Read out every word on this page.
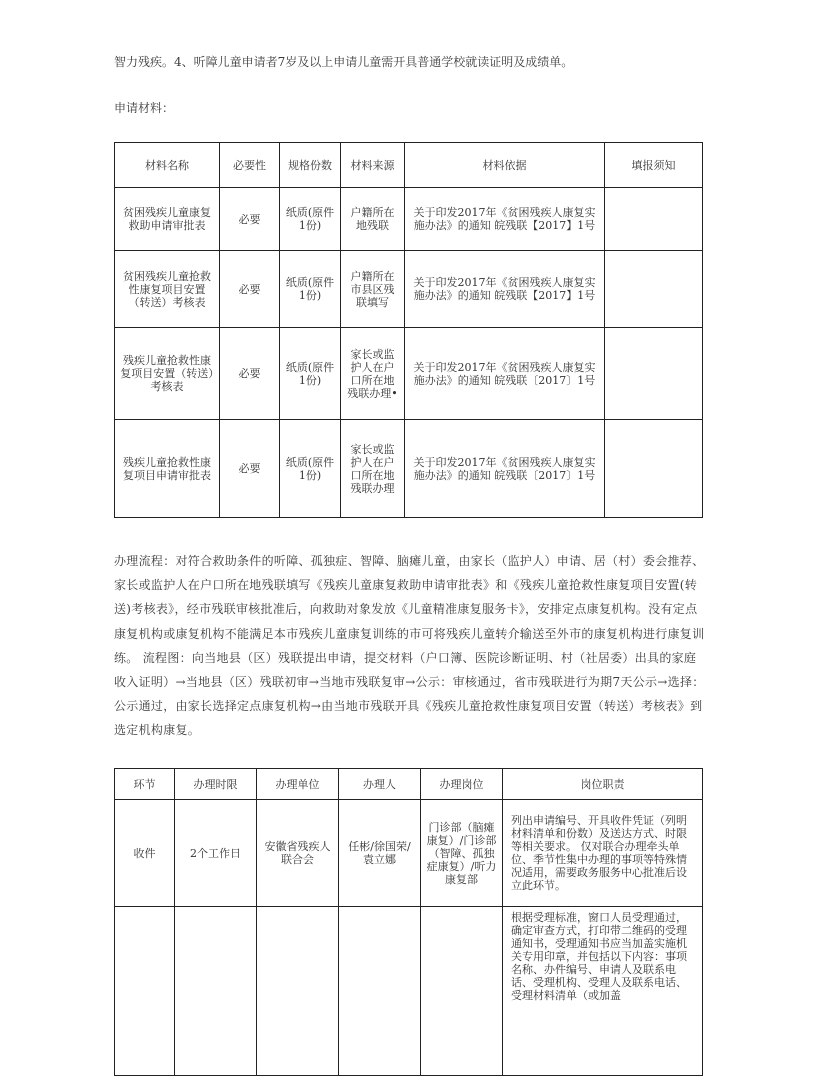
智力残疾。4、听障儿童申请者7岁及以上申请儿童需开具普通学校就读证明及成绩单。

申请材料：

材料名称	必要性	规格份数	材料来源	材料依据	填报须知
贫困残疾儿童康复救助申请审批表	必要	纸质(原件1份)	户籍所在地残联	关于印发2017年《贫困残疾人康复实施办法》的通知 皖残联【2017】1号	
贫困残疾儿童抢救性康复项目安置（转送）考核表	必要	纸质(原件1份)	户籍所在市县区残联填写	关于印发2017年《贫困残疾人康复实施办法》的通知 皖残联【2017】1号	
残疾儿童抢救性康复项目安置（转送）考核表	必要	纸质(原件1份)	家长或监护人在户口所在地残联办理•	关于印发2017年《贫困残疾人康复实施办法》的通知 皖残联〔2017〕1号	
残疾儿童抢救性康复项目申请审批表	必要	纸质(原件1份)	家长或监护人在户口所在地残联办理	关于印发2017年《贫困残疾人康复实施办法》的通知 皖残联〔2017〕1号	

办理流程：对符合救助条件的听障、孤独症、智障、脑瘫儿童，由家长（监护人）申请、居（村）委会推荐、家长或监护人在户口所在地残联填写《残疾儿童康复救助申请审批表》和《残疾儿童抢救性康复项目安置(转送)考核表》，经市残联审核批准后，向救助对象发放《儿童精准康复服务卡》，安排定点康复机构。没有定点康复机构或康复机构不能满足本市残疾儿童康复训练的市可将残疾儿童转介输送至外市的康复机构进行康复训练。 流程图：向当地县（区）残联提出申请，提交材料（户口簿、医院诊断证明、村（社居委）出具的家庭收入证明）→当地县（区）残联初审→当地市残联复审→公示：审核通过，省市残联进行为期7天公示→选择：公示通过，由家长选择定点康复机构→由当地市残联开具《残疾儿童抢救性康复项目安置（转送）考核表》到选定机构康复。

环节	办理时限	办理单位	办理人	办理岗位	岗位职责
收件	2个工作日	安徽省残疾人联合会	任彬/徐国荣/袁立娜	门诊部（脑瘫康复）/门诊部（智障、孤独症康复）/听力康复部	列出申请编号、开具收件凭证（列明材料清单和份数）及送达方式、时限等相关要求。 仅对联合办理牵头单位、季节性集中办理的事项等特殊情况适用，需要政务服务中心批准后设立此环节。
					根据受理标准，窗口人员受理通过，确定审查方式，打印带二维码的受理通知书，受理通知书应当加盖实施机关专用印章，并包括以下内容：事项名称、办件编号、申请人及联系电话、受理机构、受理人及联系电话、受理材料清单（或加盖
